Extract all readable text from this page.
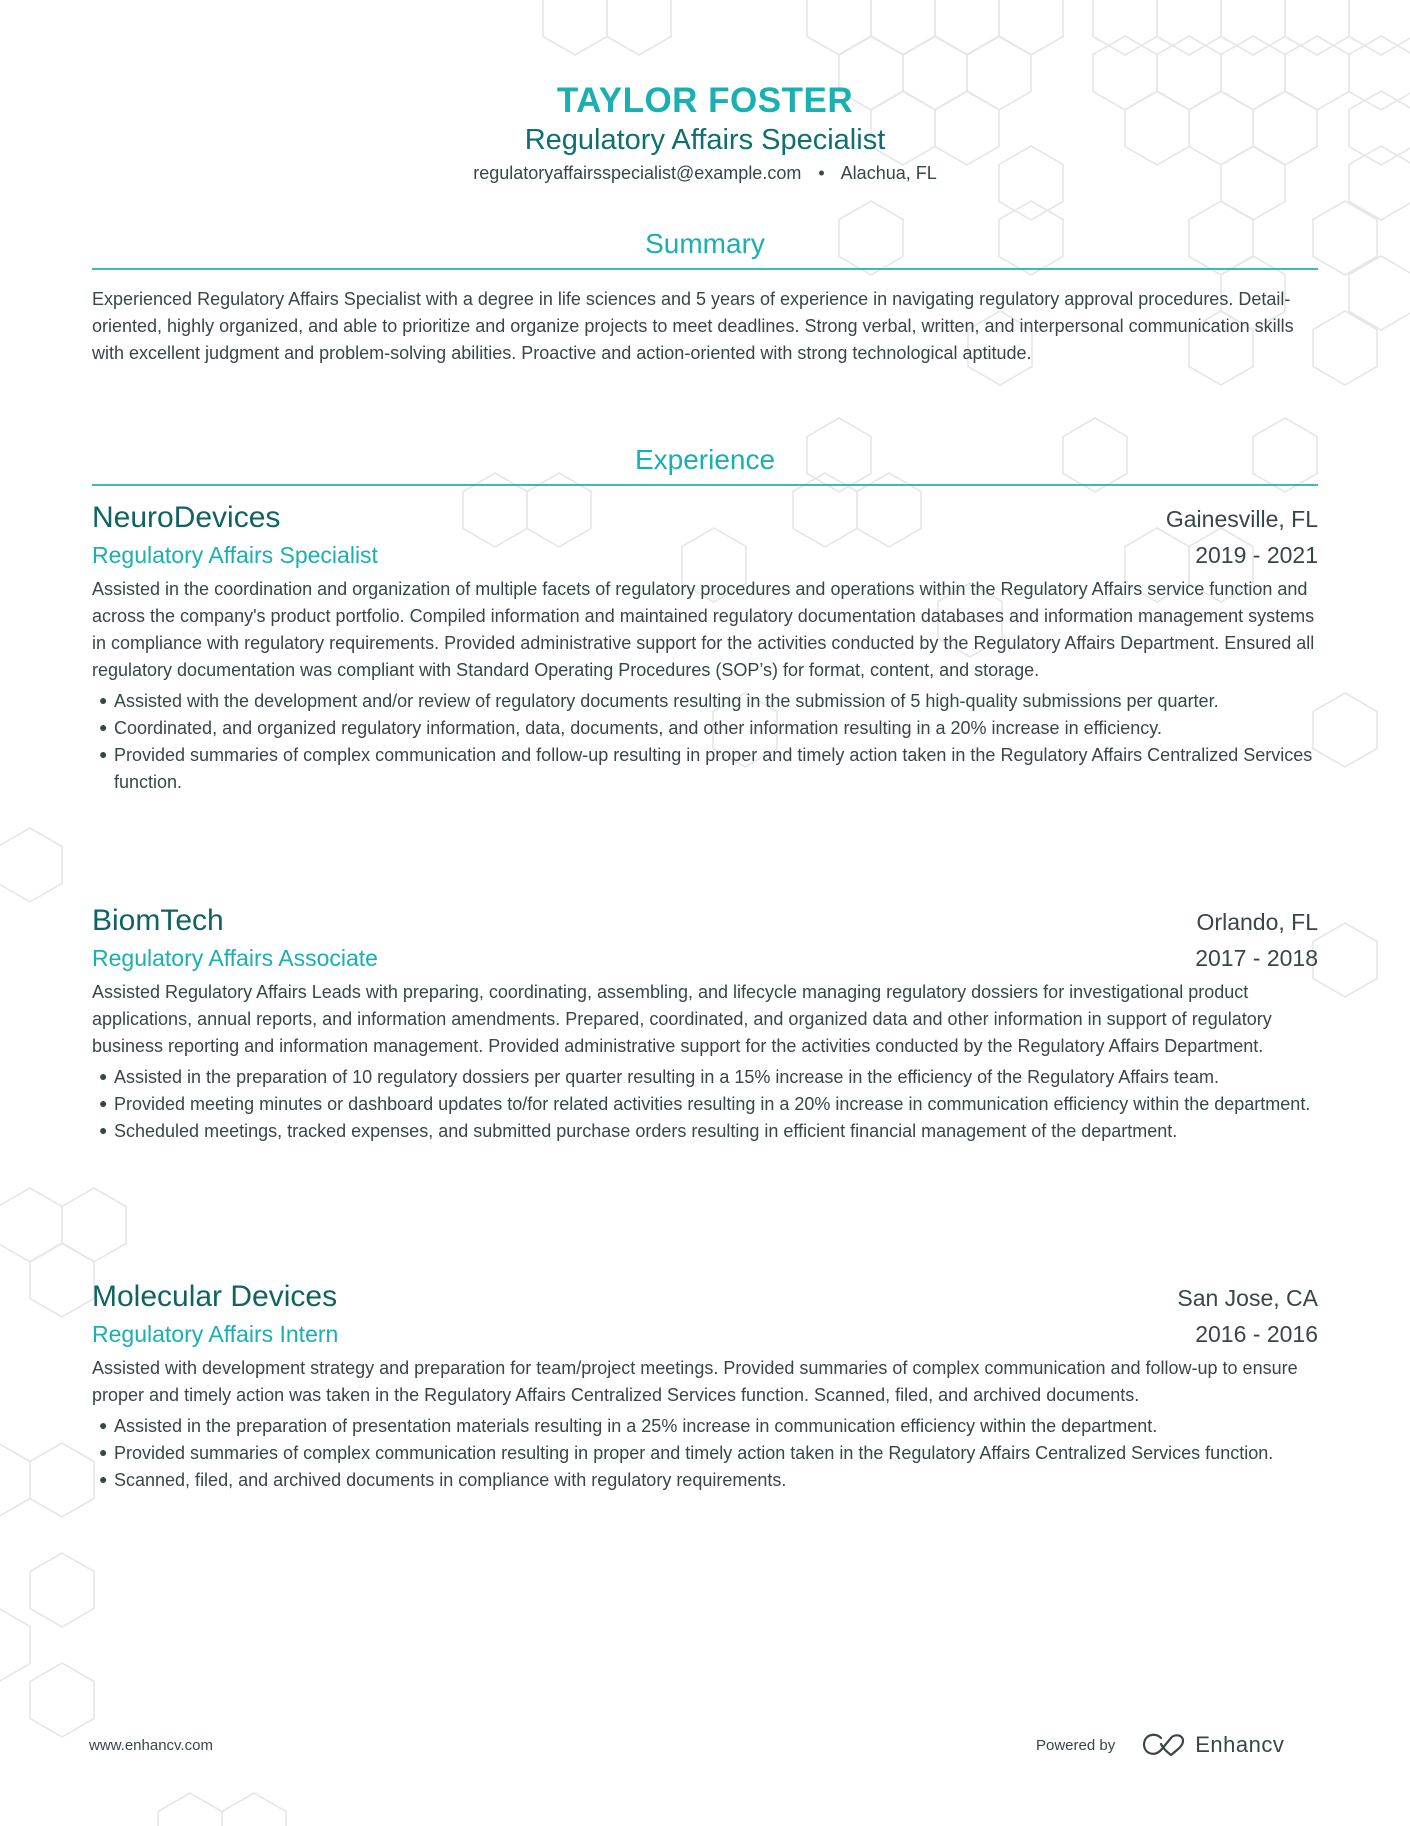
TAYLOR FOSTER
Regulatory Affairs Specialist
regulatoryaffairsspecialist@example.com • Alachua, FL
Summary
Experienced Regulatory Affairs Specialist with a degree in life sciences and 5 years of experience in navigating regulatory approval procedures. Detail-oriented, highly organized, and able to prioritize and organize projects to meet deadlines. Strong verbal, written, and interpersonal communication skills with excellent judgment and problem-solving abilities. Proactive and action-oriented with strong technological aptitude.
Experience
NeuroDevices	Gainesville, FL
Regulatory Affairs Specialist	2019 - 2021
Assisted in the coordination and organization of multiple facets of regulatory procedures and operations within the Regulatory Affairs service function and across the company's product portfolio. Compiled information and maintained regulatory documentation databases and information management systems in compliance with regulatory requirements. Provided administrative support for the activities conducted by the Regulatory Affairs Department. Ensured all regulatory documentation was compliant with Standard Operating Procedures (SOP’s) for format, content, and storage.
● Assisted with the development and/or review of regulatory documents resulting in the submission of 5 high-quality submissions per quarter.
● Coordinated, and organized regulatory information, data, documents, and other information resulting in a 20% increase in efficiency.
● Provided summaries of complex communication and follow-up resulting in proper and timely action taken in the Regulatory Affairs Centralized Services function.
BiomTech	Orlando, FL
Regulatory Affairs Associate	2017 - 2018
Assisted Regulatory Affairs Leads with preparing, coordinating, assembling, and lifecycle managing regulatory dossiers for investigational product applications, annual reports, and information amendments. Prepared, coordinated, and organized data and other information in support of regulatory business reporting and information management. Provided administrative support for the activities conducted by the Regulatory Affairs Department.
● Assisted in the preparation of 10 regulatory dossiers per quarter resulting in a 15% increase in the efficiency of the Regulatory Affairs team.
● Provided meeting minutes or dashboard updates to/for related activities resulting in a 20% increase in communication efficiency within the department.
● Scheduled meetings, tracked expenses, and submitted purchase orders resulting in efficient financial management of the department.
Molecular Devices	San Jose, CA
Regulatory Affairs Intern	2016 - 2016
Assisted with development strategy and preparation for team/project meetings. Provided summaries of complex communication and follow-up to ensure proper and timely action was taken in the Regulatory Affairs Centralized Services function. Scanned, filed, and archived documents.
● Assisted in the preparation of presentation materials resulting in a 25% increase in communication efficiency within the department.
● Provided summaries of complex communication resulting in proper and timely action taken in the Regulatory Affairs Centralized Services function.
● Scanned, filed, and archived documents in compliance with regulatory requirements.
www.enhancv.com	Powered by	Enhancv
